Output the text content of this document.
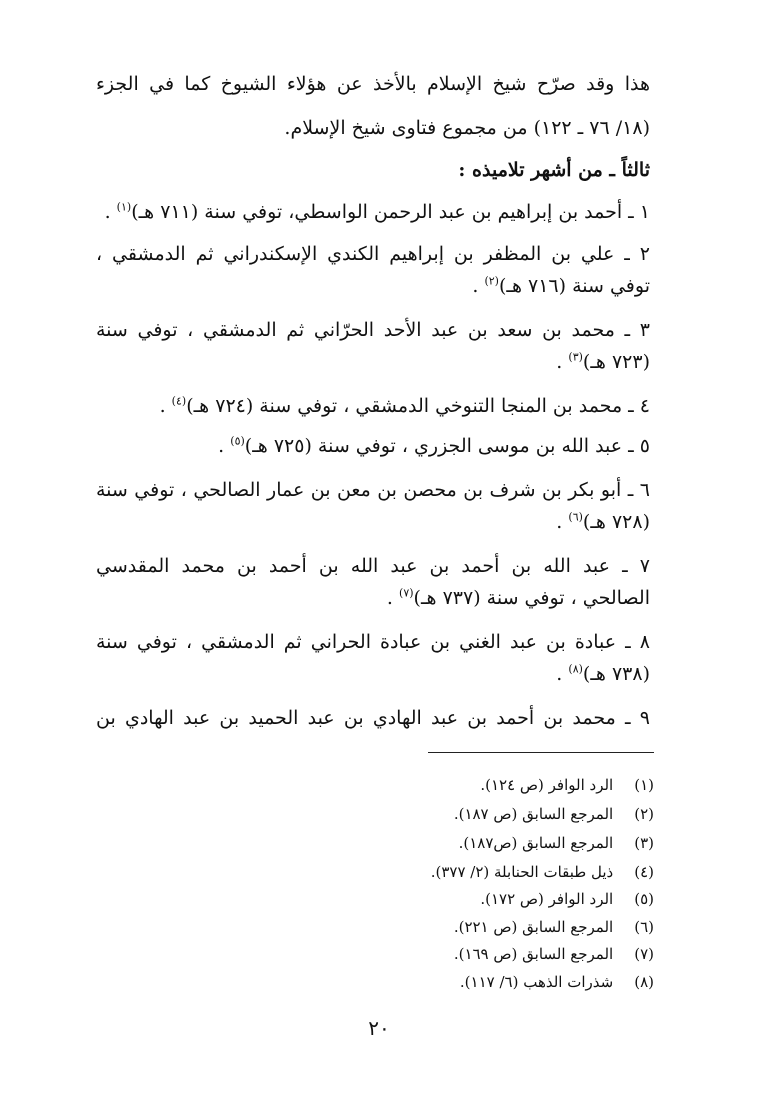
هذا وقد صرّح شيخ الإسلام بالأخذ عن هؤلاء الشيوخ كما في الجزء
(١٨/ ٧٦ ـ ١٢٢) من مجموع فتاوى شيخ الإسلام.
ثالثاً ـ من أشهر تلاميذه :
١ ـ أحمد بن إبراهيم بن عبد الرحمن الواسطي، توفي سنة (٧١١ هـ)$^{(١)}$ .
٢ ـ علي بن المظفر بن إبراهيم الكندي الإسكندراني ثم الدمشقي ،
توفي سنة (٧١٦ هـ)$^{(٢)}$ .
٣ ـ محمد بن سعد بن عبد الأحد الحرّاني ثم الدمشقي ، توفي سنة
(٧٢٣ هـ)$^{(٣)}$ .
٤ ـ محمد بن المنجا التنوخي الدمشقي ، توفي سنة (٧٢٤ هـ)$^{(٤)}$ .
٥ ـ عبد الله بن موسى الجزري ، توفي سنة (٧٢٥ هـ)$^{(٥)}$ .
٦ ـ أبو بكر بن شرف بن محصن بن معن بن عمار الصالحي ، توفي سنة
(٧٢٨ هـ)$^{(٦)}$ .
٧ ـ عبد الله بن أحمد بن عبد الله بن أحمد بن محمد المقدسي
الصالحي ، توفي سنة (٧٣٧ هـ)$^{(٧)}$ .
٨ ـ عبادة بن عبد الغني بن عبادة الحراني ثم الدمشقي ، توفي سنة
(٧٣٨ هـ)$^{(٨)}$ .
٩ ـ محمد بن أحمد بن عبد الهادي بن عبد الحميد بن عبد الهادي بن
(١) الرد الوافر (ص ١٢٤).
(٢) المرجع السابق (ص ١٨٧).
(٣) المرجع السابق (ص١٨٧).
(٤) ذيل طبقات الحنابلة (٢/ ٣٧٧).
(٥) الرد الوافر (ص ١٧٢).
(٦) المرجع السابق (ص ٢٢١).
(٧) المرجع السابق (ص ١٦٩).
(٨) شذرات الذهب (٦/ ١١٧).
٢٠
